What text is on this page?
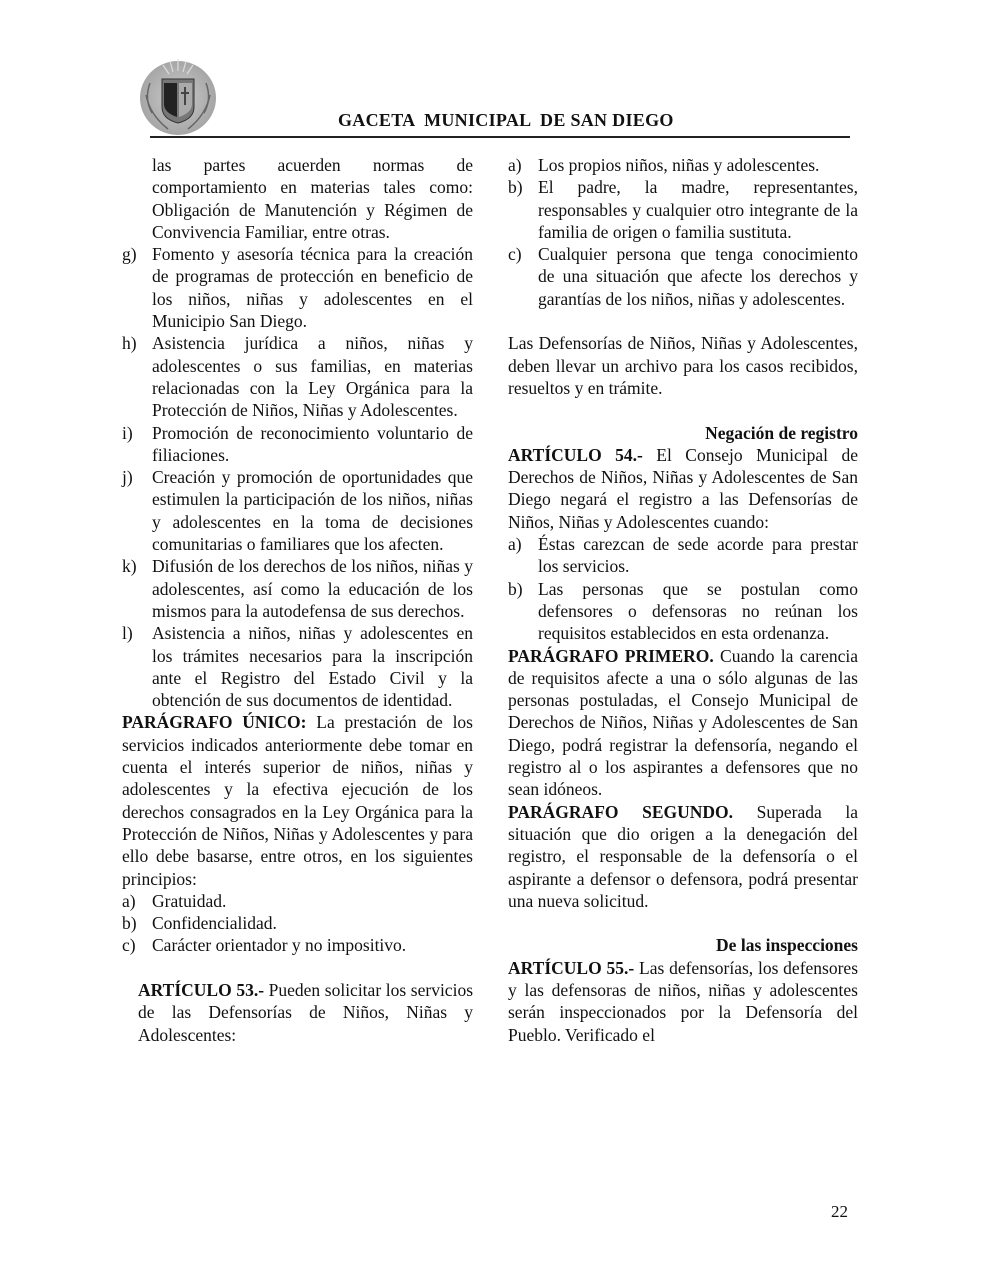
GACETA  MUNICIPAL  DE SAN DIEGO

las partes acuerden normas de comportamiento en materias tales como: Obligación de Manutención y Régimen de Convivencia Familiar, entre otras.

g) Fomento y asesoría técnica para la creación de programas de protección en beneficio de los niños, niñas y adolescentes en el Municipio San Diego.
h) Asistencia jurídica a niños, niñas y adolescentes o sus familias, en materias relacionadas con la Ley Orgánica para la Protección de Niños, Niñas y Adolescentes.
i)	Promoción de reconocimiento voluntario de filiaciones.
j)	Creación y promoción de oportunidades que estimulen la participación de los niños, niñas y adolescentes en la toma de decisiones comunitarias o familiares que los afecten.
k) Difusión de los derechos de los niños, niñas y adolescentes, así como la educación de los mismos para la autodefensa de sus derechos.
l)	Asistencia a niños, niñas y adolescentes en los trámites necesarios para la inscripción ante el Registro del Estado Civil y la obtención de sus documentos de identidad.

PARÁGRAFO ÚNICO: La prestación de los servicios indicados anteriormente debe tomar en cuenta el interés superior de niños, niñas y adolescentes y la efectiva ejecución de los derechos consagrados en la Ley Orgánica para la Protección de Niños, Niñas y Adolescentes y para ello debe basarse, entre otros, en los siguientes principios:

a) Gratuidad.
b) Confidencialidad.
c) Carácter orientador y no impositivo.

ARTÍCULO 53.- Pueden solicitar los servicios de las Defensorías de Niños, Niñas y Adolescentes:

a) Los propios niños, niñas y adolescentes.
b) El padre, la madre, representantes, responsables y cualquier otro integrante de la familia de origen o familia sustituta.
c) Cualquier persona que tenga conocimiento de una situación que afecte los derechos y garantías de los niños, niñas y adolescentes.

Las Defensorías de Niños, Niñas y Adolescentes, deben llevar un archivo para los casos recibidos, resueltos y en trámite.

Negación de registro

ARTÍCULO 54.- El Consejo Municipal de Derechos de Niños, Niñas y Adolescentes de San Diego negará el registro a las Defensorías de Niños, Niñas y Adolescentes cuando:

a) Éstas carezcan de sede acorde para prestar los servicios.
b) Las personas que se postulan como defensores o defensoras no reúnan los requisitos establecidos en esta ordenanza.

PARÁGRAFO PRIMERO. Cuando la carencia de requisitos afecte a una o sólo algunas de las personas postuladas, el Consejo Municipal de Derechos de Niños, Niñas y Adolescentes de San Diego, podrá registrar la defensoría, negando el registro al o los aspirantes a defensores que no sean idóneos.

PARÁGRAFO SEGUNDO. Superada la situación que dio origen a la denegación del registro, el responsable de la defensoría o el aspirante a defensor o defensora, podrá presentar una nueva solicitud.

De las inspecciones

ARTÍCULO 55.- Las defensorías, los defensores y las defensoras de niños, niñas y adolescentes serán inspeccionados por la Defensoría del Pueblo. Verificado el

22
